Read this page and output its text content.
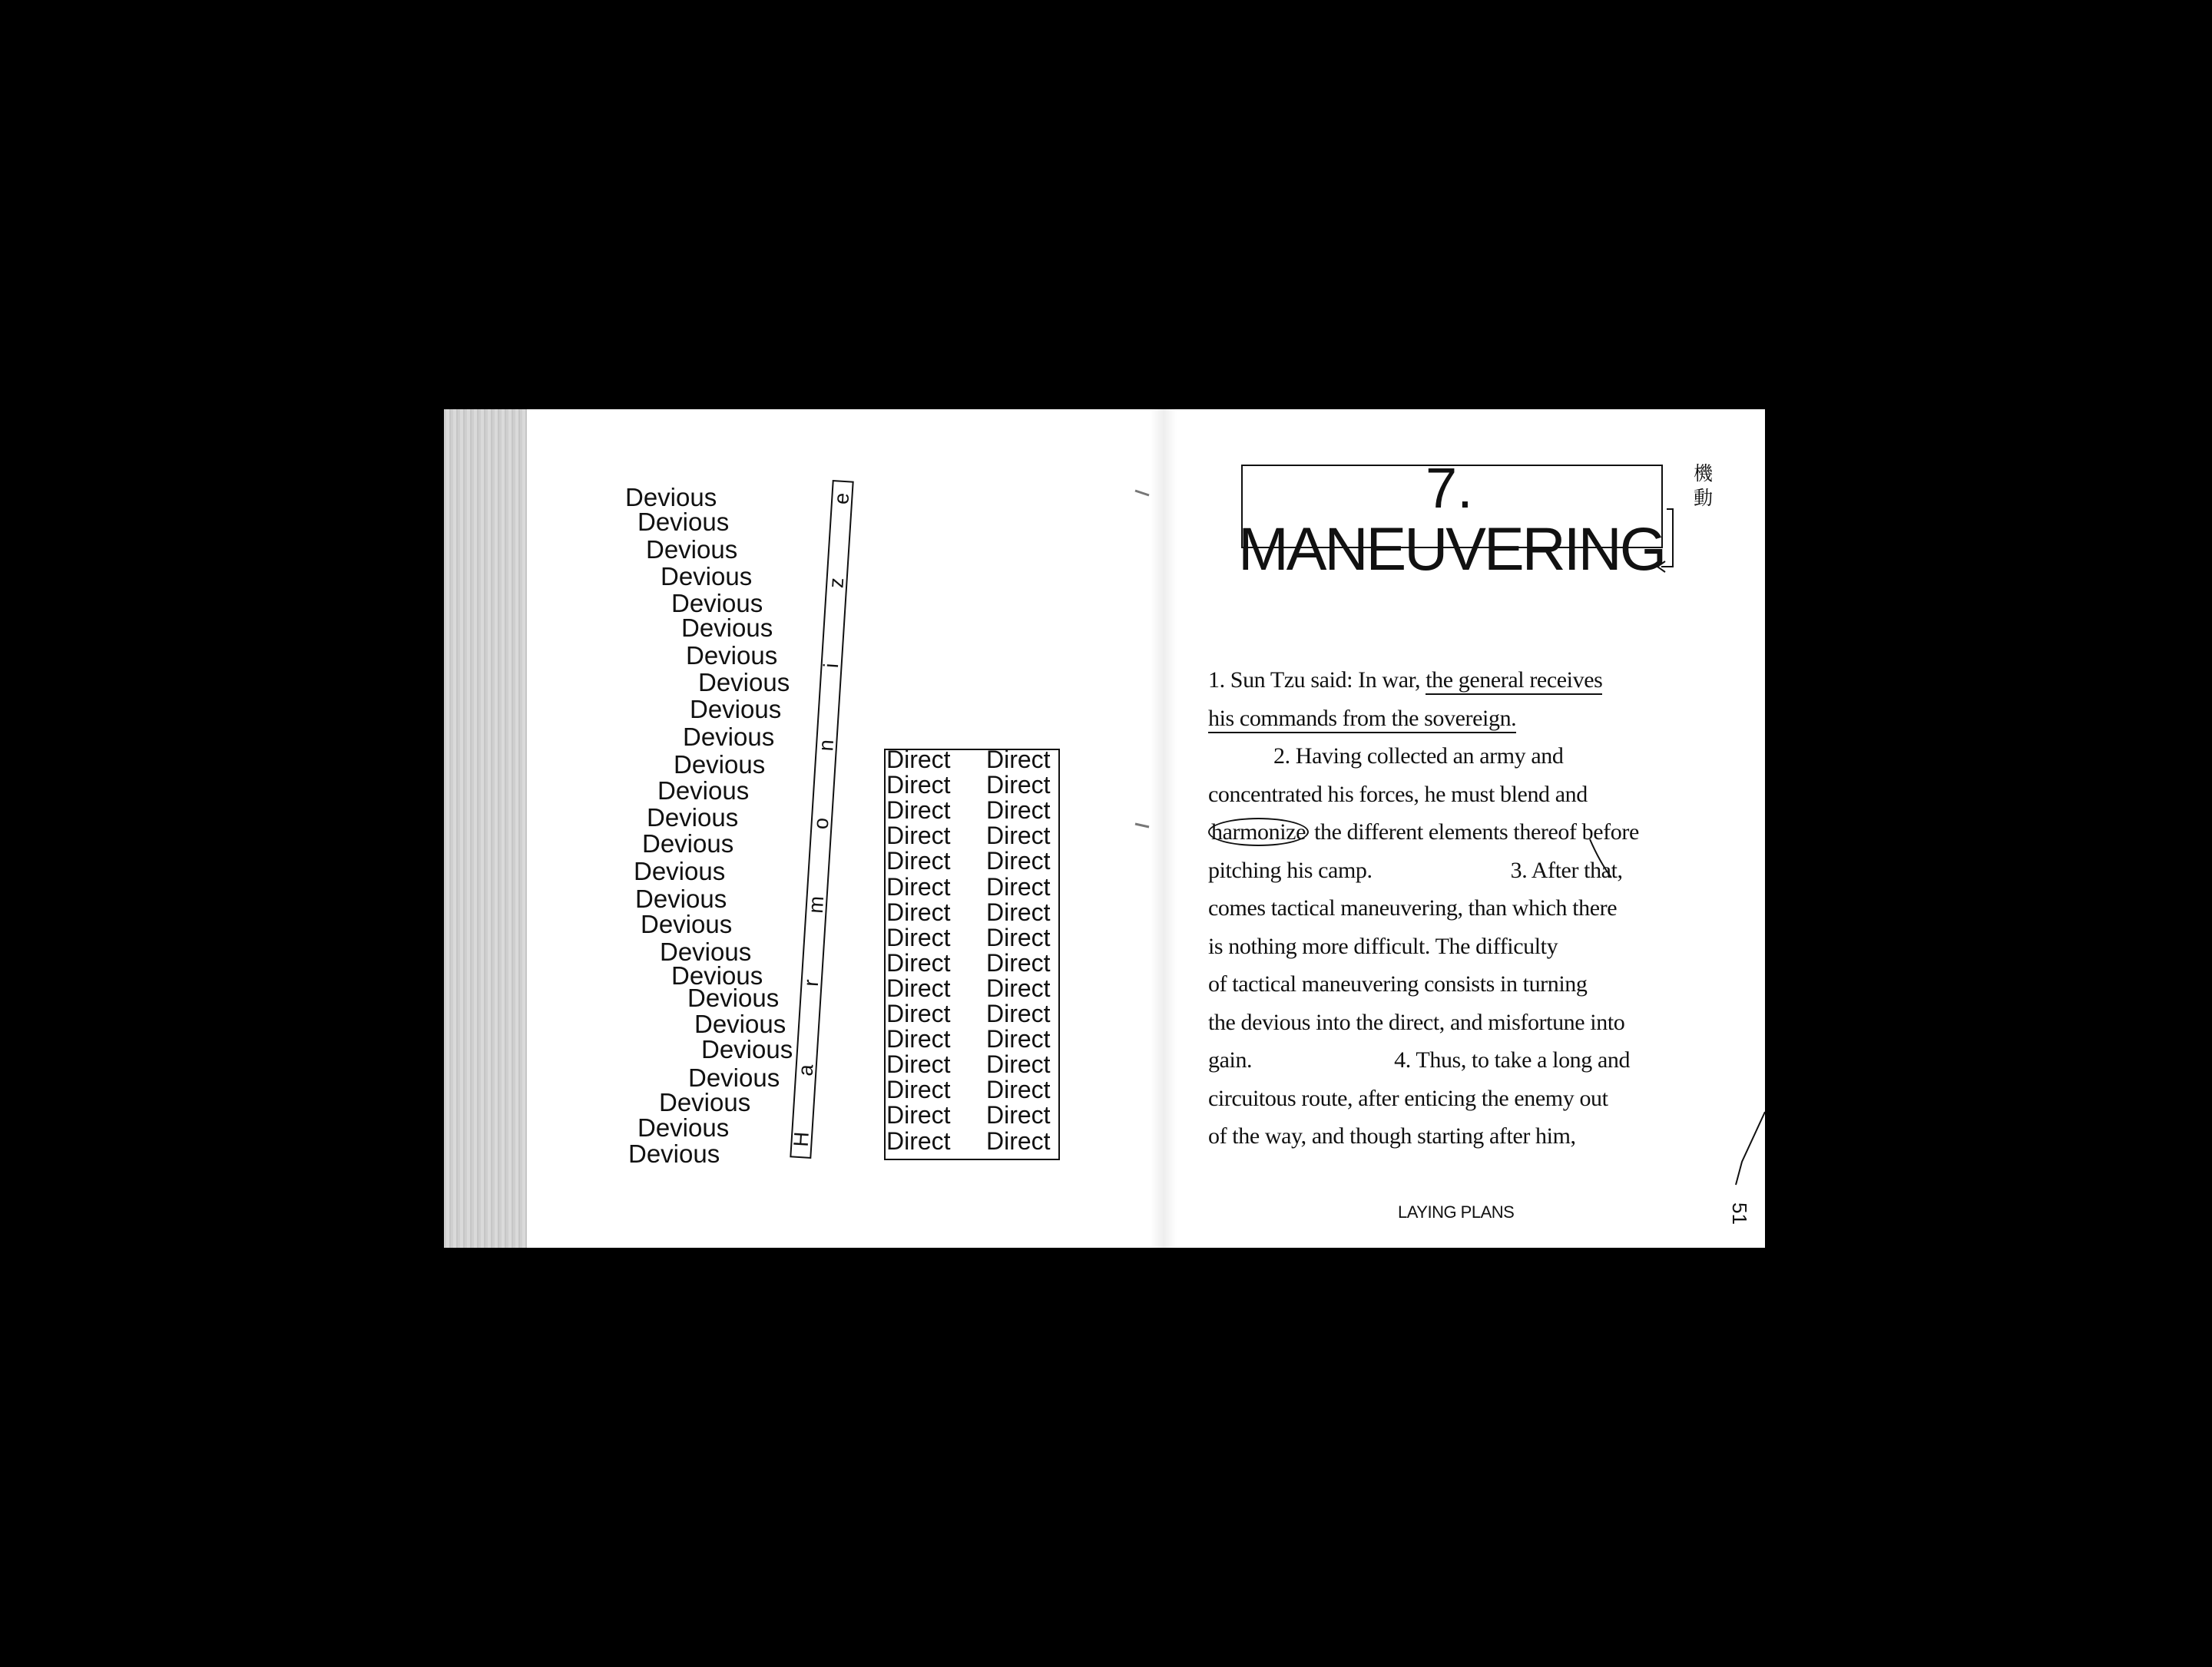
Devious
Devious
Devious
Devious
Devious
Devious
Devious
Devious
Devious
Devious
Devious
Devious
Devious
Devious
Devious
Devious
Devious
Devious
Devious
Devious
Devious
Devious
Devious
Devious
Devious
Devious
H
a
r
m
o
n
i
z
e
Direct Direct
Direct Direct
Direct Direct
Direct Direct
Direct Direct
Direct Direct
Direct Direct
Direct Direct
Direct Direct
Direct Direct
Direct Direct
Direct Direct
Direct Direct
Direct Direct
Direct Direct
Direct Direct
7.
MANEUVERING
機
動
1. Sun Tzu said: In war, the general receives
his commands from the sovereign.
2. Having collected an army and
concentrated his forces, he must blend and
harmonize the different elements thereof before
pitching his camp.	3. After that,
comes tactical maneuvering, than which there
is nothing more difficult. The difficulty
of tactical maneuvering consists in turning
the devious into the direct, and misfortune into
gain.	4. Thus, to take a long and
circuitous route, after enticing the enemy out
of the way, and though starting after him,
LAYING PLANS	51
